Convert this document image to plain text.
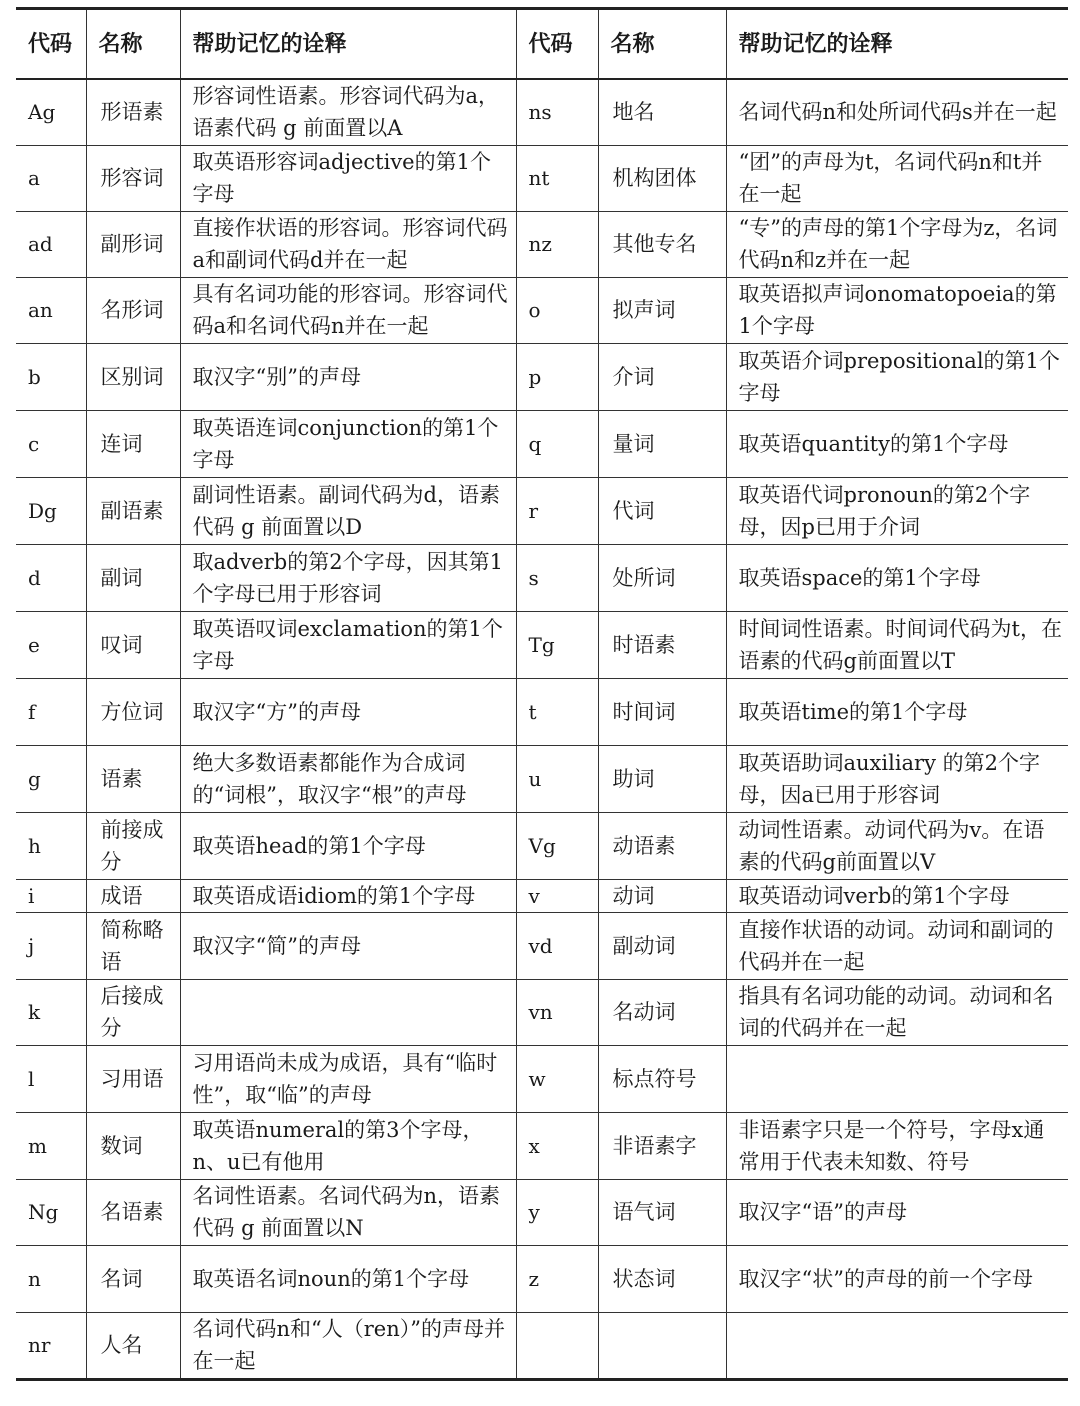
代码	名称	帮助记忆的诠释	代码	名称	帮助记忆的诠释
Ag	形语素	形容词性语素。形容词代码为a，语素代码 g 前面置以A	ns	地名	名词代码n和处所词代码s并在一起
a	形容词	取英语形容词adjective的第1个字母	nt	机构团体	“团”的声母为t，名词代码n和t并在一起
ad	副形词	直接作状语的形容词。形容词代码a和副词代码d并在一起	nz	其他专名	“专”的声母的第1个字母为z，名词代码n和z并在一起
an	名形词	具有名词功能的形容词。形容词代码a和名词代码n并在一起	o	拟声词	取英语拟声词onomatopoeia的第1个字母
b	区别词	取汉字“别”的声母	p	介词	取英语介词prepositional的第1个字母
c	连词	取英语连词conjunction的第1个字母	q	量词	取英语quantity的第1个字母
Dg	副语素	副词性语素。副词代码为d，语素代码 g 前面置以D	r	代词	取英语代词pronoun的第2个字母，因p已用于介词
d	副词	取adverb的第2个字母，因其第1个字母已用于形容词	s	处所词	取英语space的第1个字母
e	叹词	取英语叹词exclamation的第1个字母	Tg	时语素	时间词性语素。时间词代码为t，在语素的代码g前面置以T
f	方位词	取汉字“方”的声母	t	时间词	取英语time的第1个字母
g	语素	绝大多数语素都能作为合成词的“词根”，取汉字“根”的声母	u	助词	取英语助词auxiliary 的第2个字母，因a已用于形容词
h	前接成分	取英语head的第1个字母	Vg	动语素	动词性语素。动词代码为v。在语素的代码g前面置以V
i	成语	取英语成语idiom的第1个字母	v	动词	取英语动词verb的第1个字母
j	简称略语	取汉字“简”的声母	vd	副动词	直接作状语的动词。动词和副词的代码并在一起
k	后接成分		vn	名动词	指具有名词功能的动词。动词和名词的代码并在一起
l	习用语	习用语尚未成为成语，具有“临时性”，取“临”的声母	w	标点符号	
m	数词	取英语numeral的第3个字母，n、u已有他用	x	非语素字	非语素字只是一个符号，字母x通常用于代表未知数、符号
Ng	名语素	名词性语素。名词代码为n，语素代码 g 前面置以N	y	语气词	取汉字“语”的声母
n	名词	取英语名词noun的第1个字母	z	状态词	取汉字“状”的声母的前一个字母
nr	人名	名词代码n和“人（ren）”的声母并在一起			
